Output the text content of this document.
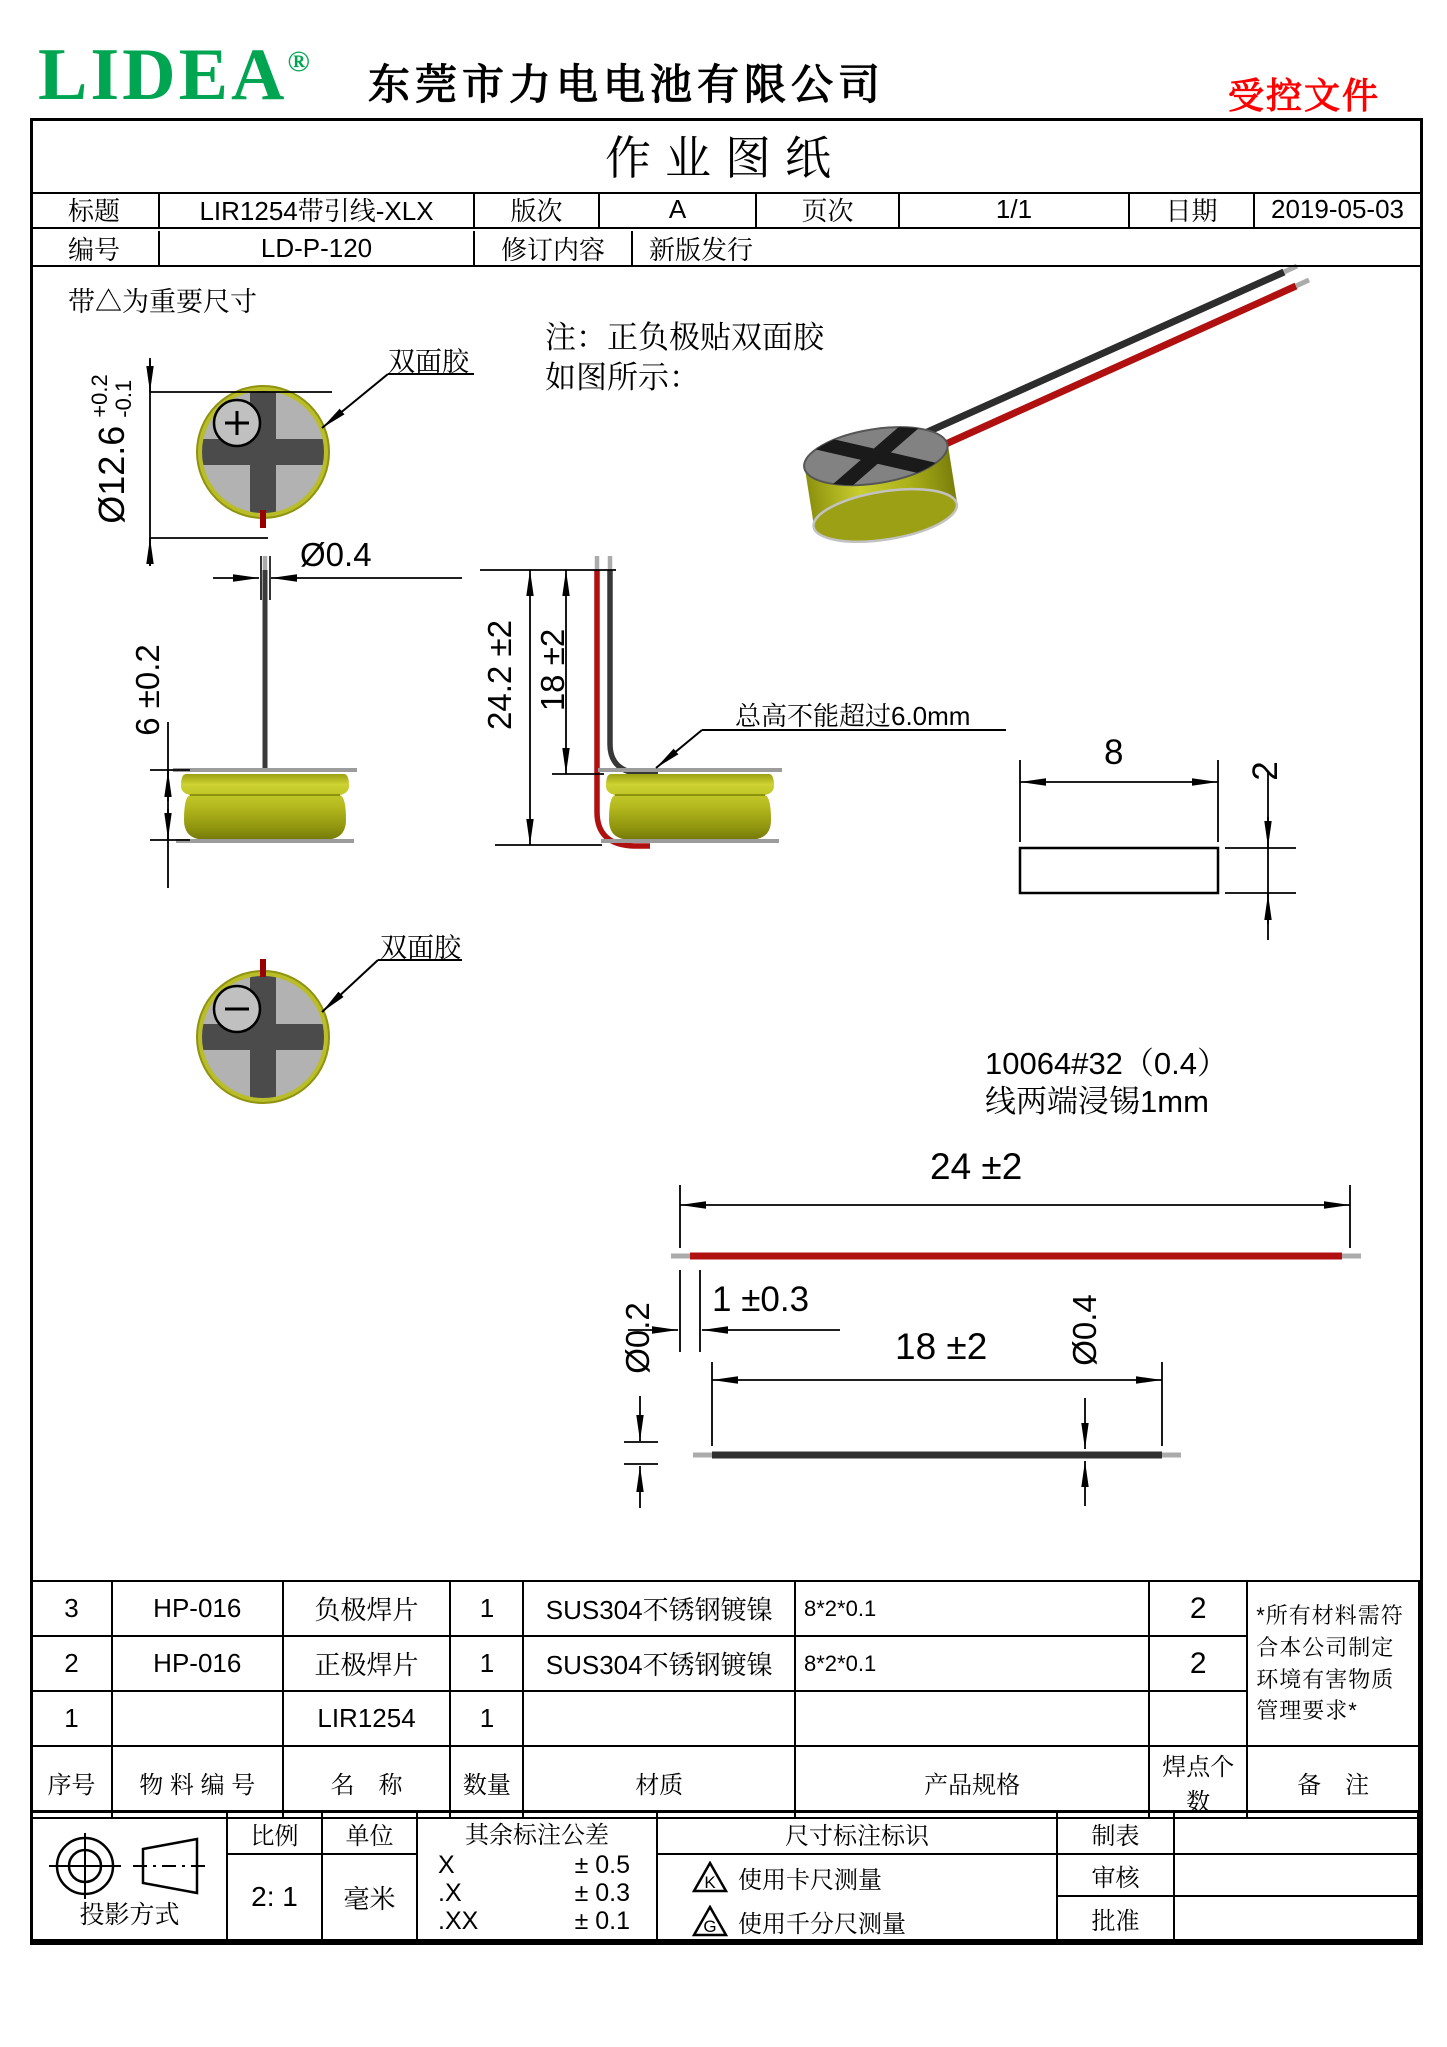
LIDEA® 东莞市力电电池有限公司	受控文件
作业图纸
标题	LIR1254带引线-XLX	版次	A	页次	1/1	日期	2019-05-03
编号	LD-P-120	修订内容	新版发行
带△为重要尺寸
注：正负极贴双面胶
如图所示：
双面胶
双面胶
Ø12.6
+0.2 -0.1
Ø0.4
6 ±0.2	24.2 ±2 18 ±2
总高不能超过6.0mm
8	2
10064#32（0.4）
线两端浸锡1mm
24 ±2
1 ±0.3
Ø0.2	18 ±2 Ø0.4
3	HP-016	负极焊片	1	SUS304不锈钢镀镍	8*2*0.1	2	*所有材料需符合本公司制定环境有害物质管理要求*

2	HP-016	正极焊片	1	SUS304不锈钢镀镍	8*2*0.1	2	
1		LIR1254	1				
序号	物 料 编 号	名　称	数量	材质	产品规格	焊点个数	备　注
投影方式
比例
2: 1
单位
毫米
其余标注公差
X	± 0.5
.X	± 0.3
.XX	± 0.1
尺寸标注标识
K 使用卡尺测量
G 使用千分尺测量
制表
审核
批准
